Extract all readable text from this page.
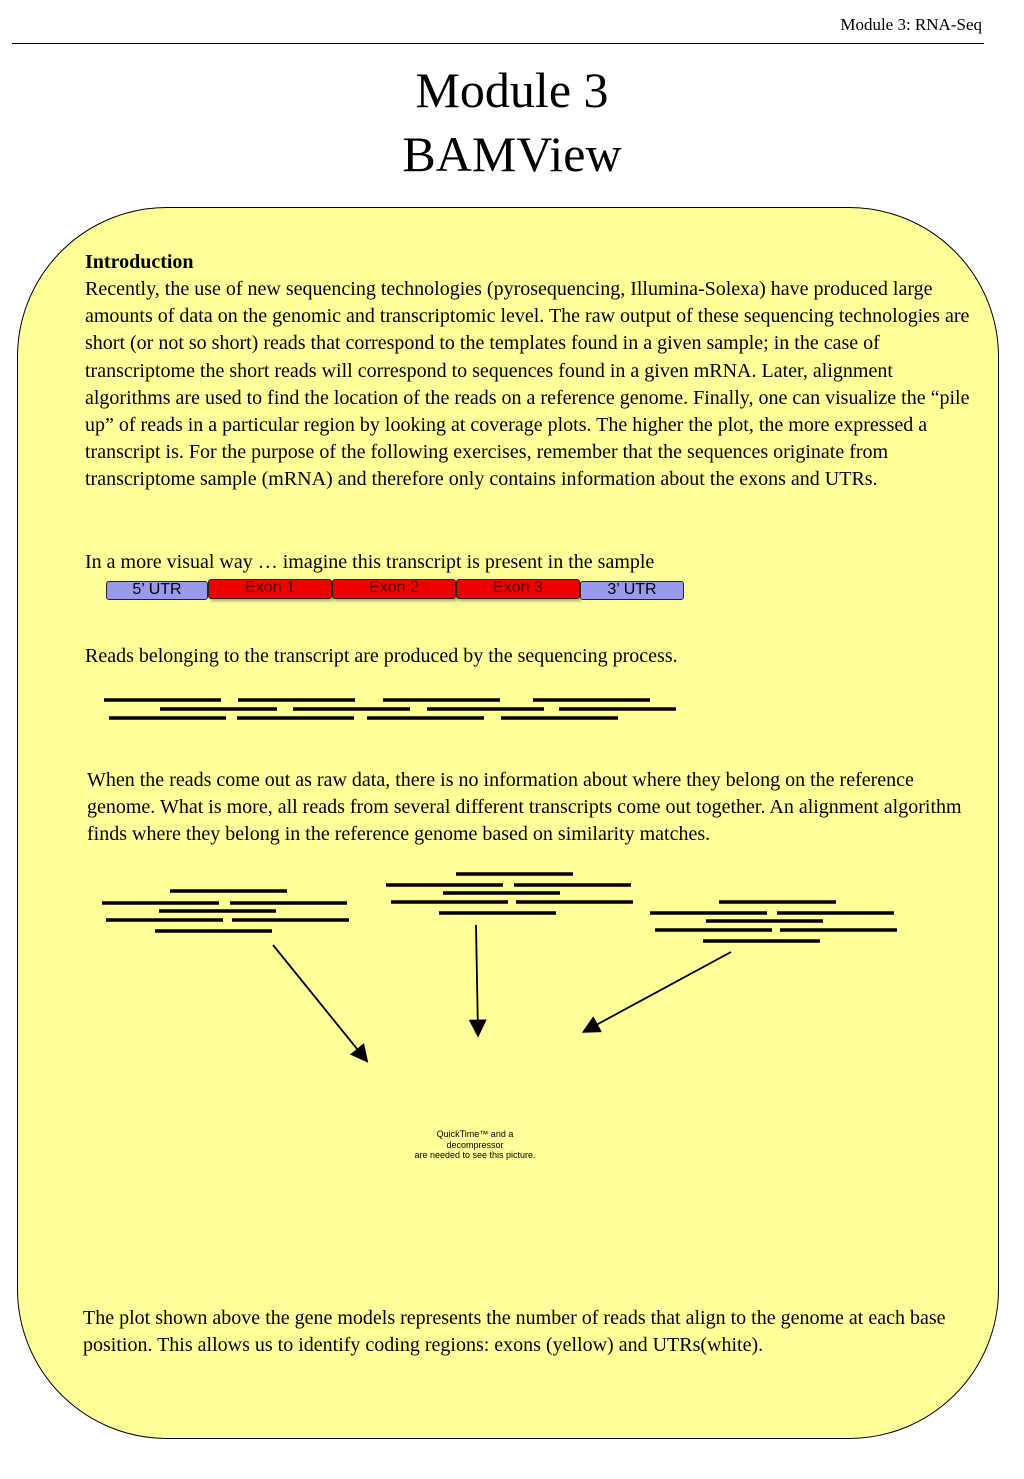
Module 3: RNA-Seq
Module 3
BAMView
Introduction

Recently, the use of new sequencing technologies (pyrosequencing, Illumina-Solexa) have produced large amounts of data on the genomic and transcriptomic level. The raw output of these sequencing technologies are short (or not so short) reads that correspond to the templates found in a given sample; in the case of transcriptome the short reads will correspond to sequences found in a given mRNA. Later, alignment algorithms are used to find the location of the reads on a reference genome. Finally, one can visualize the “pile up” of reads in a particular region by looking at coverage plots. The higher the plot, the more expressed a transcript is. For the purpose of the following exercises, remember that the sequences originate from transcriptome sample (mRNA) and therefore only contains information about the exons and UTRs.

In a more visual way … imagine this transcript is present in the sample

5’ UTR	Exon 1	Exon 2	Exon 3	3’ UTR

Reads belonging to the transcript are produced by the sequencing process.

When the reads come out as raw data, there is no information about where they belong on the reference genome. What is more, all reads from several different transcripts come out together. An alignment algorithm finds where they belong in the reference genome based on similarity matches.

QuickTime™ and a
decompressor
are needed to see this picture.

The plot shown above the gene models represents the number of reads that align to the genome at each base position. This allows us to identify coding regions: exons (yellow) and UTRs(white).
